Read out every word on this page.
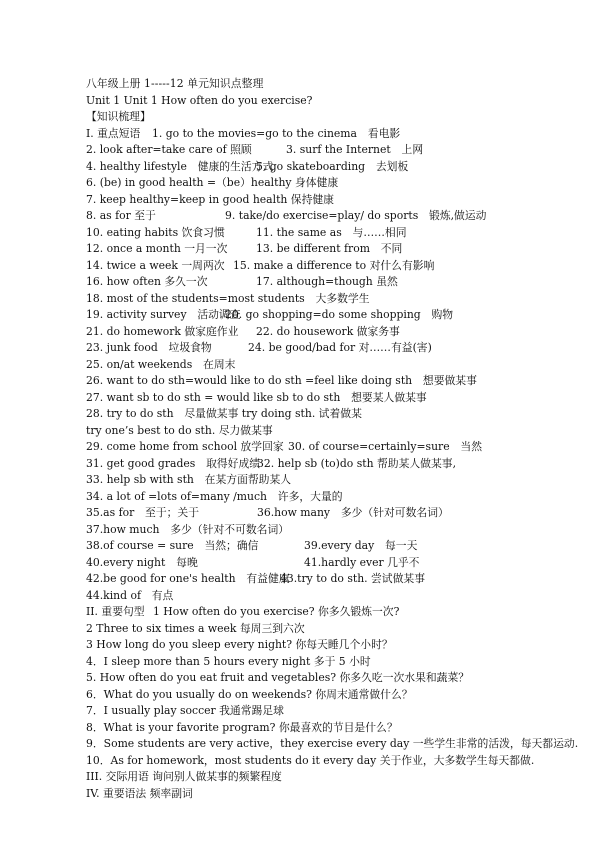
八年级上册 1-----12 单元知识点整理
Unit 1 Unit 1 How often do you exercise?
【知识梳理】
I. 重点短语 1. go to the movies=go to the cinema　看电影
2. look after=take care of 照顾	3. surf the Internet　上网
4. healthy lifestyle　健康的生活方式
5. go skateboarding　去划板
6. (be) in good health =（be）healthy 身体健康
7. keep healthy=keep in good health 保持健康
8. as for 至于	9. take/do exercise=play/ do sports　锻炼,做运动
10. eating habits 饮食习惯	11. the same as　与……相同
12. once a month 一月一次	13. be different from　不同
14. twice a week 一周两次 15. make a difference to 对什么有影响
16. how often 多久一次	17. although=though 虽然
18. most of the students=most students　大多数学生
19. activity survey　活动调查
20. go shopping=do some shopping　购物
21. do homework 做家庭作业 22. do housework 做家务事
23. junk food　垃圾食物	24. be good/bad for 对……有益(害)
25. on/at weekends　在周末
26. want to do sth=would like to do sth =feel like doing sth　想要做某事
27. want sb to do sth = would like sb to do sth　想要某人做某事
28. try to do sth　尽量做某事 try doing sth. 试着做某
try one’s best to do sth. 尽力做某事
29. come home from school 放学回家 30. of course=certainly=sure　当然
31. get good grades　取得好成绩
32. help sb (to)do sth 帮助某人做某事,
33. help sb with sth　在某方面帮助某人
34. a lot of =lots of=many /much　许多，大量的
35.as for　至于；关于	36.how many　多少（针对可数名词）
37.how much　多少（针对不可数名词）
38.of course = sure　当然；确信	39.every day　每一天
40.every night　每晚	41.hardly ever 几乎不
42.be good for one's health　有益健康
43.try to do sth. 尝试做某事
44.kind of　有点
II. 重要句型 1 How often do you exercise? 你多久锻炼一次?
2 Three to six times a week 每周三到六次
3 How long do you sleep every night? 你每天睡几个小时？
4．I sleep more than 5 hours every night 多于 5 小时
5. How often do you eat fruit and vegetables? 你多久吃一次水果和蔬菜？
6．What do you usually do on weekends? 你周末通常做什么？
7．I usually play soccer 我通常踢足球
8．What is your favorite program? 你最喜欢的节目是什么？
9．Some students are very active，they exercise every day 一些学生非常的活泼，每天都运动.
10．As for homework，most students do it every day 关于作业，大多数学生每天都做.
III. 交际用语 询问别人做某事的频繁程度
IV. 重要语法 频率副词
